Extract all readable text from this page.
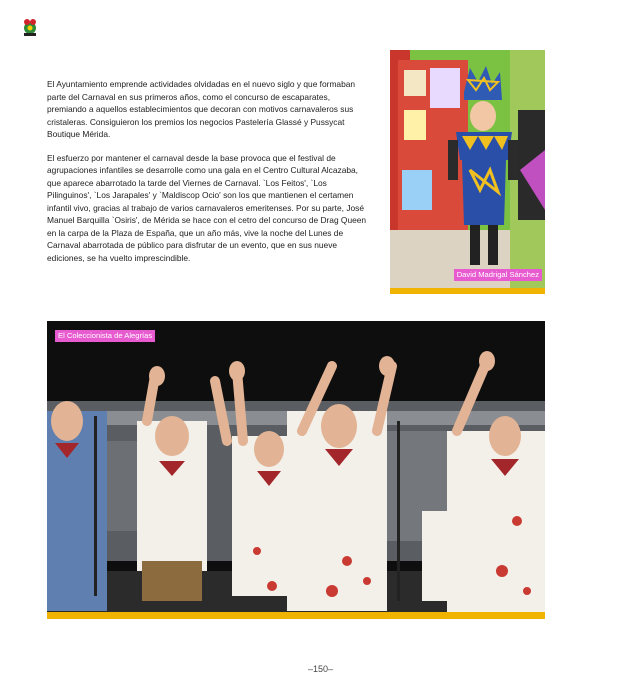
El Ayuntamiento emprende actividades olvidadas en el nuevo siglo y que formaban parte del Carnaval en sus primeros años, como el concurso de escaparates, premiando a aquellos establecimientos que decoran con motivos carnavaleros sus cristaleras. Consiguieron los premios los negocios Pastelería Glassé y Pussycat Boutique Mérida.

El esfuerzo por mantener el carnaval desde la base provoca que el festival de agrupaciones infantiles se desarrolle como una gala en el Centro Cultural Alcazaba, que aparece abarrotado la tarde del Viernes de Carnaval. `Los Feitos', `Los Pilinguinos', `Los Jarapales' y `Maldiscop Ocio' son los que mantienen el certamen infantil vivo, gracias al trabajo de varios carnavaleros emeritenses. Por su parte, José Manuel Barquilla `Osiris', de Mérida se hace con el cetro del concurso de Drag Queen en la carpa de la Plaza de España, que un año más, vive la noche del Lunes de Carnaval abarrotada de público para disfrutar de un evento, que en sus nueve ediciones, se ha vuelto imprescindible.

David Madrigal Sánchez
El Coleccionista de Alegrías
–150–
